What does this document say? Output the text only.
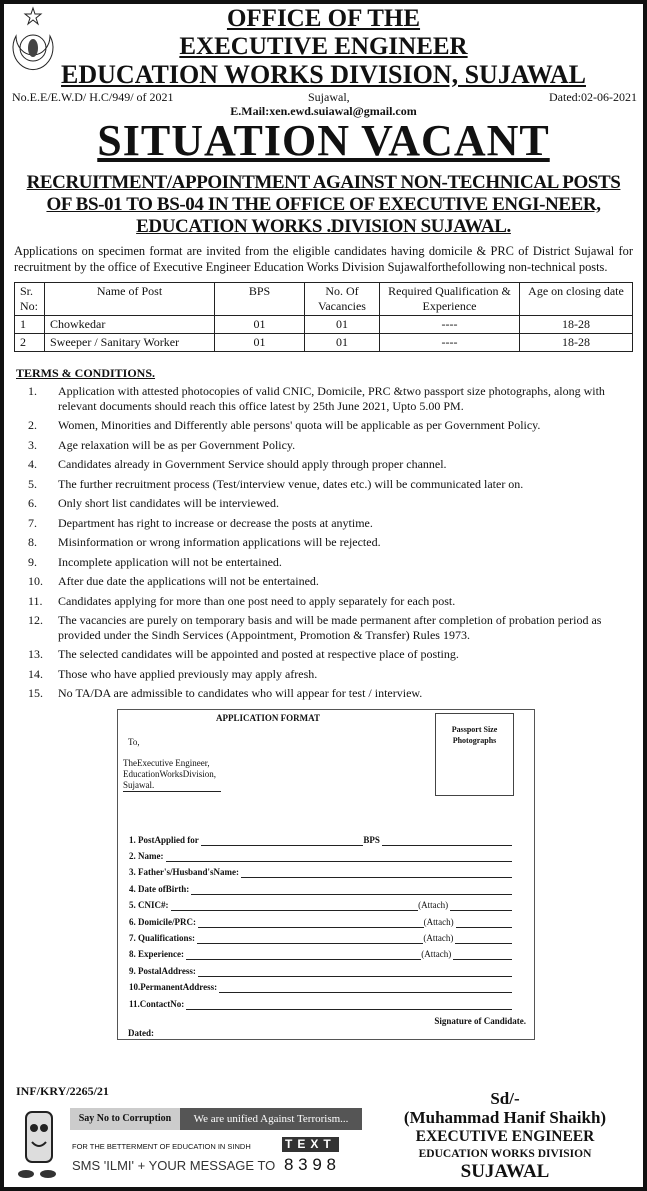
OFFICE OF THE
EXECUTIVE ENGINEER
EDUCATION WORKS DIVISION, SUJAWAL
No.E.E/E.W.D/ H.C/949/ of 2021	Sujawal,	Dated:02-06-2021
E.Mail:xen.ewd.suiawal@gmail.com
SITUATION VACANT
RECRUITMENT/APPOINTMENT AGAINST NON-TECHNICAL POSTS OF BS-01 TO BS-04 IN THE OFFICE OF EXECUTIVE ENGI-NEER, EDUCATION WORKS .DIVISION SUJAWAL.
Applications on specimen format are invited from the eligible candidates having domicile & PRC of District Sujawal for recruitment by the office of Executive Engineer Education Works Division Sujawalforthefollowing non-technical posts.
Sr. No:	Name of Post	BPS	No. Of Vacancies	Required Qualification & Experience	Age on closing date
1	Chowkedar	01	01	----	18-28
2	Sweeper / Sanitary Worker	01	01	----	18-28
TERMS & CONDITIONS.
1.	Application with attested photocopies of valid CNIC, Domicile, PRC &two passport size photographs, along with relevant documents should reach this office latest by 25th June 2021, Upto 5.00 PM.
2.	Women, Minorities and Differently able persons' quota will be applicable as per Government Policy.
3.	Age relaxation will be as per Government Policy.
4.	Candidates already in Government Service should apply through proper channel.
5.	The further recruitment process (Test/interview venue, dates etc.) will be communicated later on.
6.	Only short list candidates will be interviewed.
7.	Department has right to increase or decrease the posts at anytime.
8.	Misinformation or wrong information applications will be rejected.
9.	Incomplete application will not be entertained.
10.	After due date the applications will not be entertained.
11.	Candidates applying for more than one post need to apply separately for each post.
12.	The vacancies are purely on temporary basis and will be made permanent after completion of probation period as provided under the Sindh Services (Appointment, Promotion & Transfer) Rules 1973.
13.	The selected candidates will be appointed and posted at respective place of posting.
14.	Those who have applied previously may apply afresh.
15.	No TA/DA are admissible to candidates who will appear for test / interview.
APPLICATION FORMAT
Passport Size Photographs
To,
TheExecutive Engineer,
EducationWorksDivision,
Sujawal.
1. PostApplied for	BPS
2. Name:
3. Father's/Husband'sName:
4. Date ofBirth:
5. CNIC#:	(Attach)
6. Domicile/PRC:	(Attach)
7. Qualifications:	(Attach)
8. Experience:	(Attach)
9. PostalAddress:
10.PermanentAddress:
11.ContactNo:
Signature of Candidate.
Dated:
INF/KRY/2265/21
Say No to Corruption	We are unified Against Terrorism...
FOR THE BETTERMENT OF EDUCATION IN SINDH	TEXT
SMS 'ILMI' + YOUR MESSAGE TO 8 3 9 8
Sd/-
(Muhammad Hanif Shaikh)
EXECUTIVE ENGINEER
EDUCATION WORKS DIVISION
SUJAWAL
